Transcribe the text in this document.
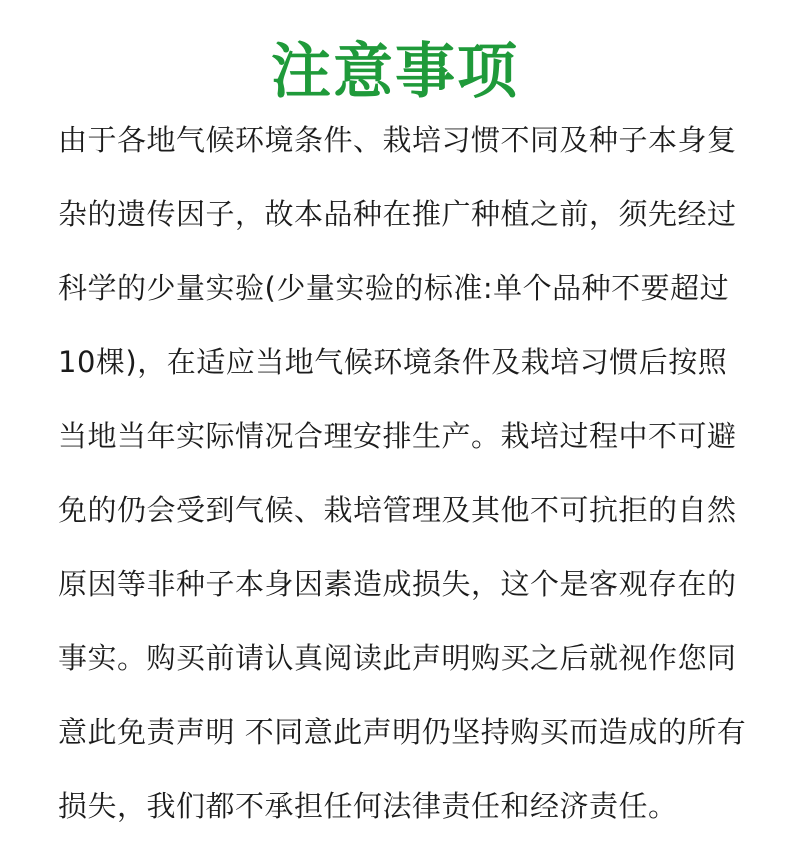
注意事项
由于各地气候环境条件、栽培习惯不同及种子本身复
杂的遗传因子，故本品种在推广种植之前，须先经过
科学的少量实验(少量实验的标准:单个品种不要超过
10棵)，在适应当地气候环境条件及栽培习惯后按照
当地当年实际情况合理安排生产。栽培过程中不可避
免的仍会受到气候、栽培管理及其他不可抗拒的自然
原因等非种子本身因素造成损失，这个是客观存在的
事实。购买前请认真阅读此声明购买之后就视作您同
意此免责声明 不同意此声明仍坚持购买而造成的所有
损失，我们都不承担任何法律责任和经济责任。
